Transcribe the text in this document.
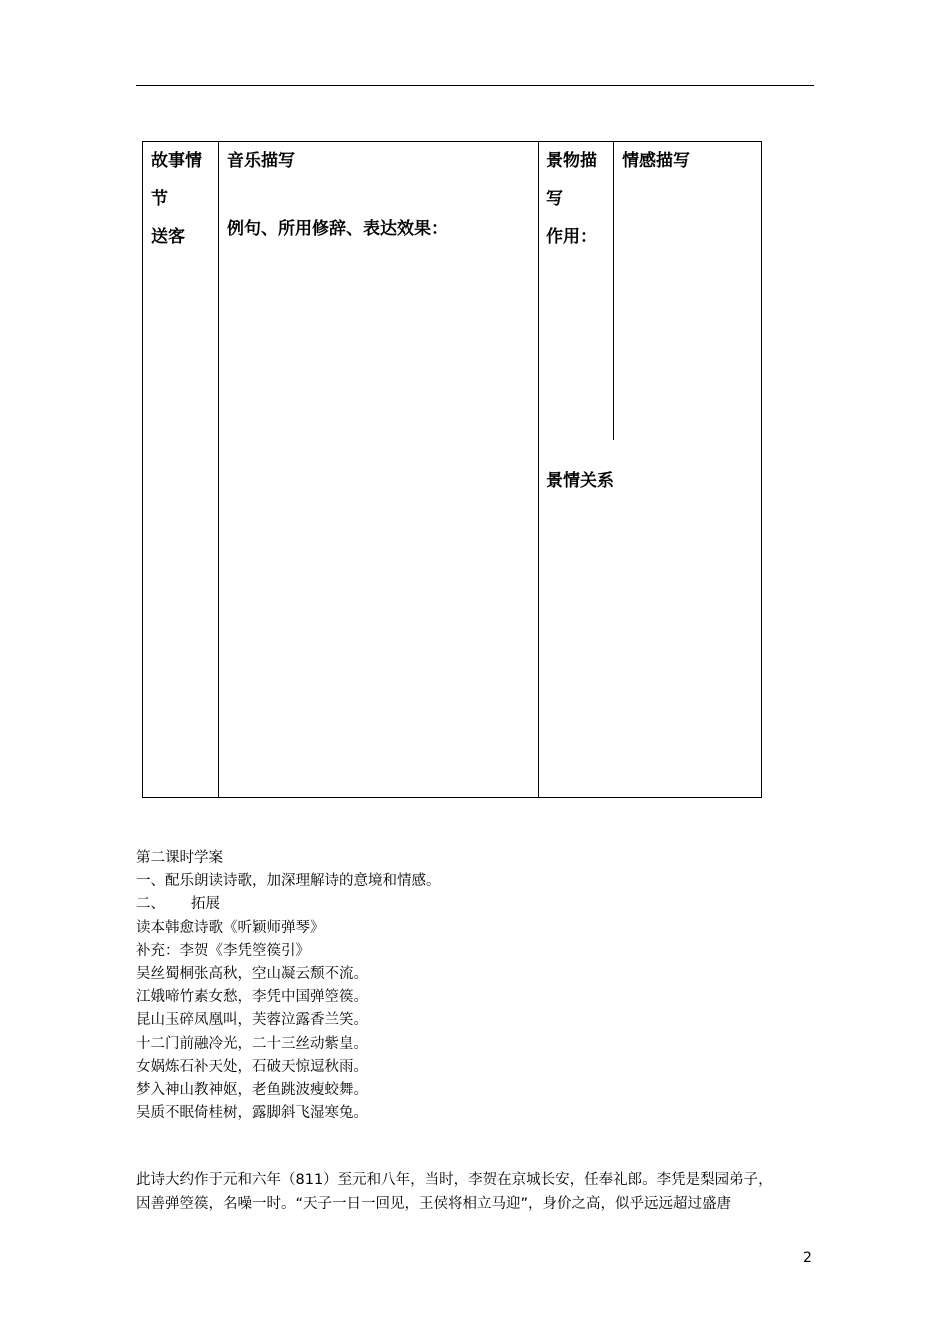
故事情
节
送客
音乐描写
例句、所用修辞、表达效果：
景物描
写
作用：
景情关系
情感描写
第二课时学案
一、配乐朗读诗歌，加深理解诗的意境和情感。
二、 拓展
读本韩愈诗歌《听颖师弹琴》
补充：李贺《李凭箜篌引》
吴丝蜀桐张高秋，空山凝云颓不流。
江娥啼竹素女愁，李凭中国弹箜篌。
昆山玉碎凤凰叫，芙蓉泣露香兰笑。
十二门前融冷光，二十三丝动紫皇。
女娲炼石补天处，石破天惊逗秋雨。
梦入神山教神妪，老鱼跳波瘦蛟舞。
吴质不眠倚桂树，露脚斜飞湿寒兔。
此诗大约作于元和六年（811）至元和八年，当时，李贺在京城长安，任奉礼郎。李凭是梨园弟子，
因善弹箜篌，名噪一时。“天子一日一回见，王侯将相立马迎”，身价之高，似乎远远超过盛唐
2
